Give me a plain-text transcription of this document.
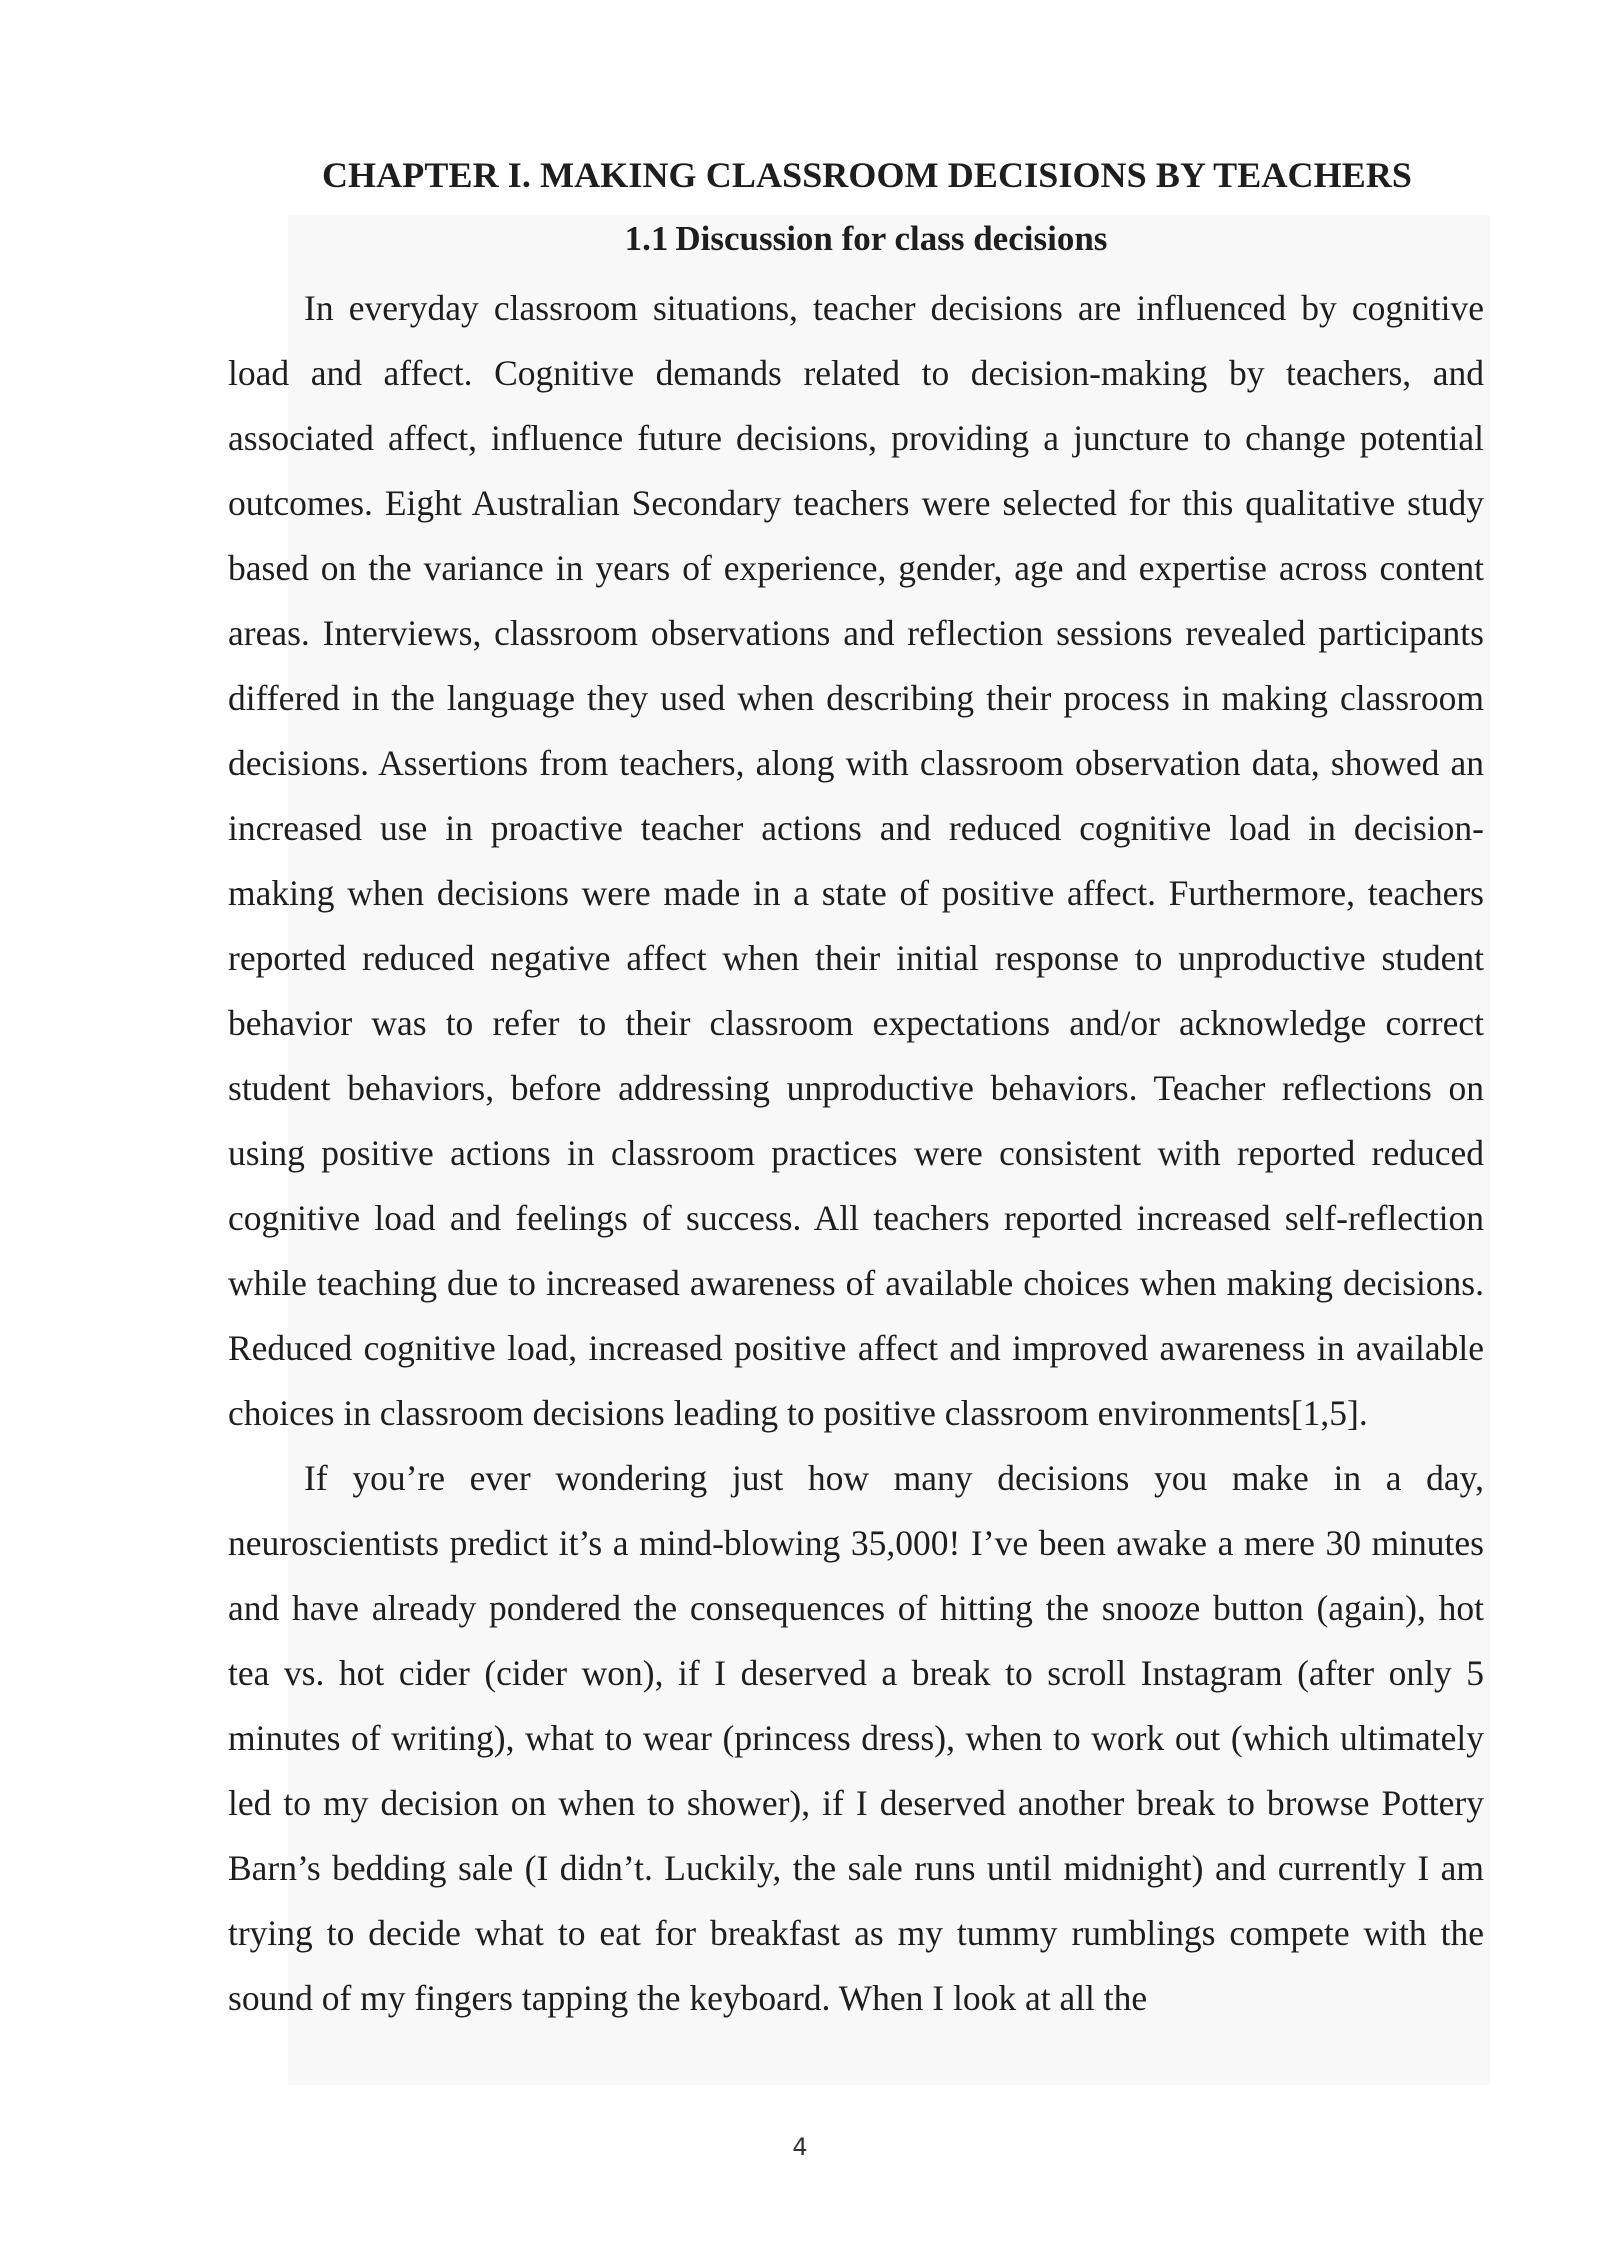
CHAPTER I. MAKING CLASSROOM DECISIONS BY TEACHERS
1.1 Discussion for class decisions

In everyday classroom situations, teacher decisions are influenced by cognitive load and affect. Cognitive demands related to decision-making by teachers, and associated affect, influence future decisions, providing a juncture to change potential outcomes. Eight Australian Secondary teachers were selected for this qualitative study based on the variance in years of experience, gender, age and expertise across content areas. Interviews, classroom observations and reflection sessions revealed participants differed in the language they used when describing their process in making classroom decisions. Assertions from teachers, along with classroom observation data, showed an increased use in proactive teacher actions and reduced cognitive load in decision-making when decisions were made in a state of positive affect. Furthermore, teachers reported reduced negative affect when their initial response to unproductive student behavior was to refer to their classroom expectations and/or acknowledge correct student behaviors, before addressing unproductive behaviors. Teacher reflections on using positive actions in classroom practices were consistent with reported reduced cognitive load and feelings of success. All teachers reported increased self-reflection while teaching due to increased awareness of available choices when making decisions. Reduced cognitive load, increased positive affect and improved awareness in available choices in classroom decisions leading to positive classroom environments[1,5].

If you’re ever wondering just how many decisions you make in a day, neuroscientists predict it’s a mind-blowing 35,000! I’ve been awake a mere 30 minutes and have already pondered the consequences of hitting the snooze button (again), hot tea vs. hot cider (cider won), if I deserved a break to scroll Instagram (after only 5 minutes of writing), what to wear (princess dress), when to work out (which ultimately led to my decision on when to shower), if I deserved another break to browse Pottery Barn’s bedding sale (I didn’t. Luckily, the sale runs until midnight) and currently I am trying to decide what to eat for breakfast as my tummy rumblings compete with the sound of my fingers tapping the keyboard. When I look at all the

4
